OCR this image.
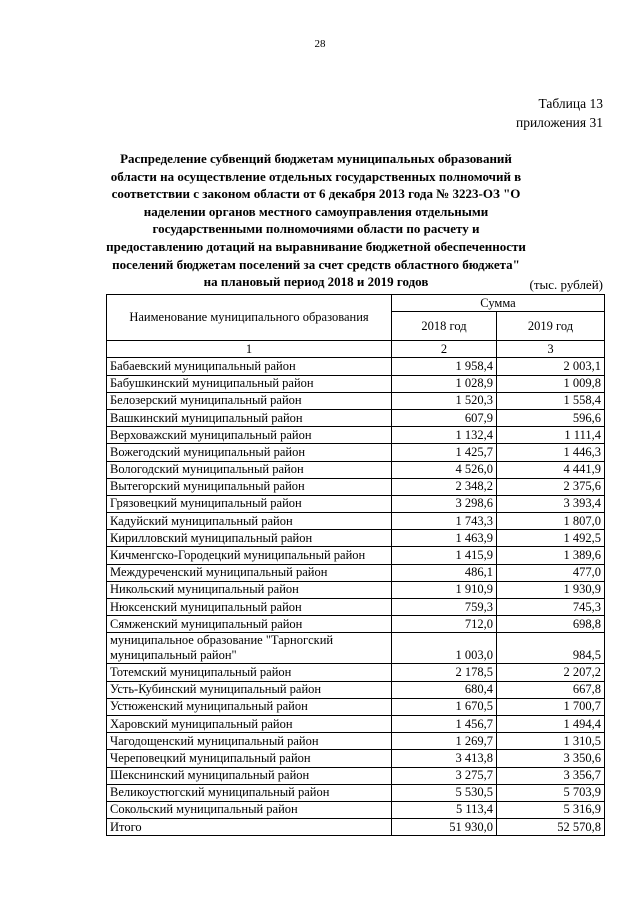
28
Таблица 13
приложения 31
Распределение субвенций бюджетам муниципальных образований области на осуществление отдельных государственных полномочий в соответствии с законом области от 6 декабря 2013 года № 3223-ОЗ "О наделении органов местного самоуправления отдельными государственными полномочиями области по расчету и предоставлению дотаций на выравнивание бюджетной обеспеченности поселений бюджетам поселений за счет средств областного бюджета" на плановый период 2018 и 2019 годов	(тыс. рублей)
Наименование муниципального образования	Сумма	
	2018 год	2019 год
1	2	3
Бабаевский муниципальный район	1 958,4	2 003,1
Бабушкинский муниципальный район	1 028,9	1 009,8
Белозерский муниципальный район	1 520,3	1 558,4
Вашкинский муниципальный район	607,9	596,6
Верховажский муниципальный район	1 132,4	1 111,4
Вожегодский муниципальный район	1 425,7	1 446,3
Вологодский муниципальный район	4 526,0	4 441,9
Вытегорский муниципальный район	2 348,2	2 375,6
Грязовецкий муниципальный район	3 298,6	3 393,4
Кадуйский муниципальный район	1 743,3	1 807,0
Кирилловский муниципальный район	1 463,9	1 492,5
Кичменгско-Городецкий муниципальный район	1 415,9	1 389,6
Междуреченский муниципальный район	486,1	477,0
Никольский муниципальный район	1 910,9	1 930,9
Нюксенский муниципальный район	759,3	745,3
Сямженский муниципальный район	712,0	698,8
муниципальное образование "Тарногский муниципальный район"	1 003,0	984,5
Тотемский муниципальный район	2 178,5	2 207,2
Усть-Кубинский муниципальный район	680,4	667,8
Устюженский муниципальный район	1 670,5	1 700,7
Харовский муниципальный район	1 456,7	1 494,4
Чагодощенский муниципальный район	1 269,7	1 310,5
Череповецкий муниципальный район	3 413,8	3 350,6
Шекснинский муниципальный район	3 275,7	3 356,7
Великоустюгский муниципальный район	5 530,5	5 703,9
Сокольский муниципальный район	5 113,4	5 316,9
Итого	51 930,0	52 570,8
